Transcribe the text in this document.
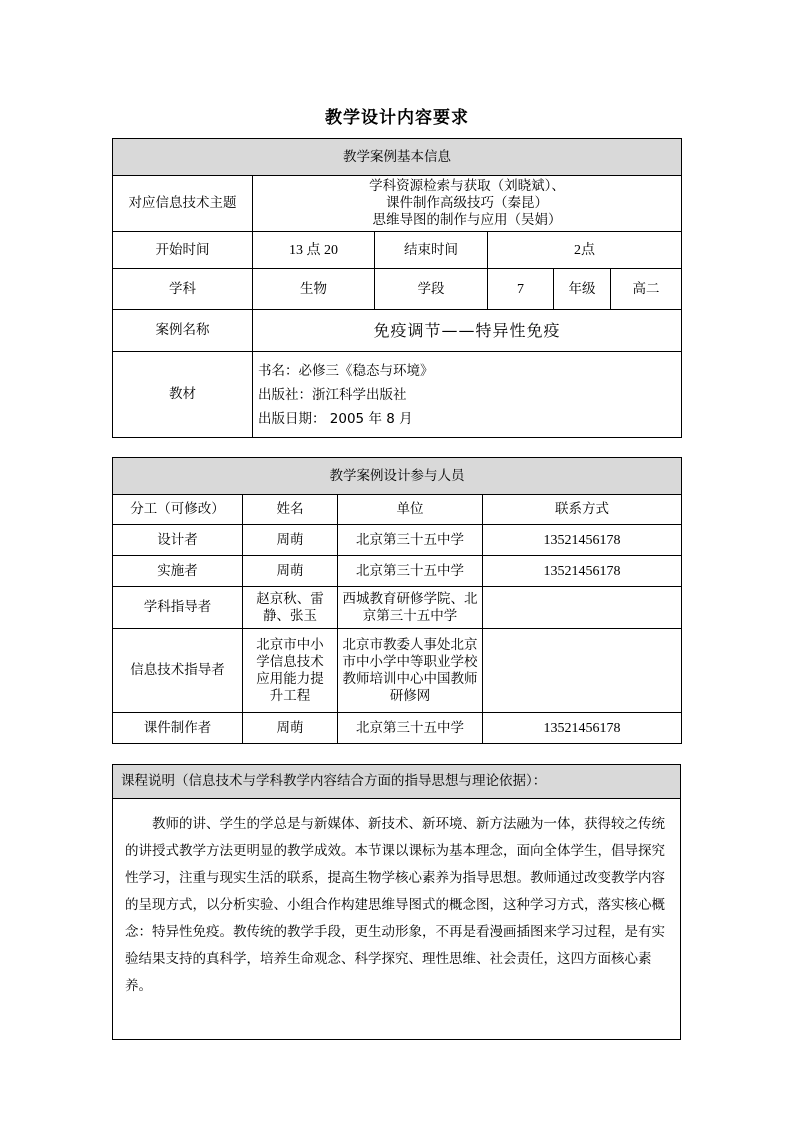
教学设计内容要求
教学案例基本信息					
对应信息技术主题	学科资源检索与获取（刘晓斌）、
课件制作高级技巧（秦昆）
思维导图的制作与应用（吴娟）				

开始时间	13 点 20	结束时间	2点		
学科	生物	学段	7	年级	高二
案例名称	免疫调节——特异性免疫				
教材	书名：必修三《稳态与环境》
出版社：浙江科学出版社
出版日期： 2005 年 8 月				
教学案例设计参与人员			
分工（可修改）	姓名	单位	联系方式
设计者	周萌	北京第三十五中学	13521456178
实施者	周萌	北京第三十五中学	13521456178
学科指导者	赵京秋、雷静、张玉	西城教育研修学院、北京第三十五中学	
信息技术指导者	北京市中小学信息技术应用能力提升工程	北京市教委人事处北京市中小学中等职业学校教师培训中心中国教师研修网	
课件制作者	周萌	北京第三十五中学	13521456178
课程说明（信息技术与学科教学内容结合方面的指导思想与理论依据）：
教师的讲、学生的学总是与新媒体、新技术、新环境、新方法融为一体，获得较之传统的讲授式教学方法更明显的教学成效。本节课以课标为基本理念，面向全体学生，倡导探究性学习，注重与现实生活的联系，提高生物学核心素养为指导思想。教师通过改变教学内容的呈现方式，以分析实验、小组合作构建思维导图式的概念图，这种学习方式，落实核心概念：特异性免疫。教传统的教学手段，更生动形象，不再是看漫画插图来学习过程，是有实验结果支持的真科学，培养生命观念、科学探究、理性思维、社会责任，这四方面核心素养。
